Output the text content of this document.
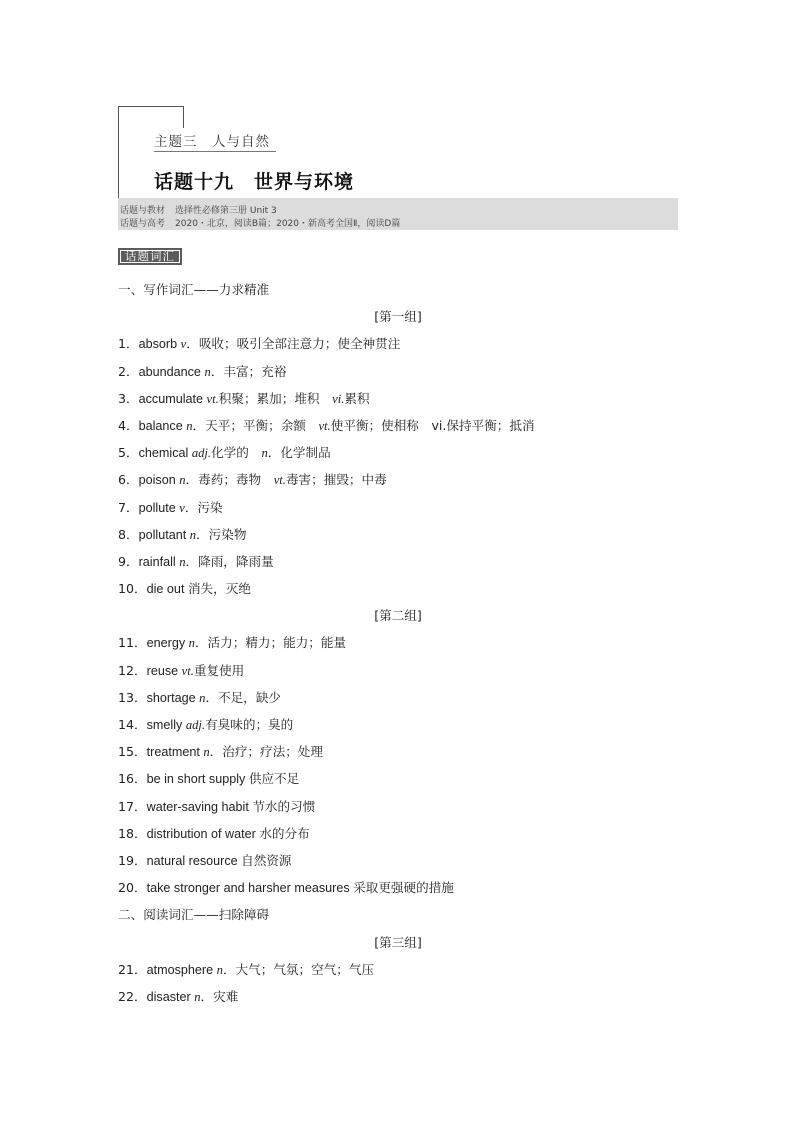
主题三　人与自然
话题十九　世界与环境
话题与教材 选择性必修第三册 Unit 3
话题与高考 2020・北京，阅读B篇；2020・新高考全国Ⅱ，阅读D篇
话题词汇
一、写作词汇——力求精准
[第一组]
1．absorb v．吸收；吸引全部注意力；使全神贯注
2．abundance n．丰富；充裕
3．accumulate vt.积聚；累加；堆积　vi.累积
4．balance n．天平；平衡；余额　vt.使平衡；使相称　vi.保持平衡；抵消
5．chemical adj.化学的　n．化学制品
6．poison n．毒药；毒物　vt.毒害；摧毁；中毒
7．pollute v．污染
8．pollutant n．污染物
9．rainfall n．降雨，降雨量
10．die out 消失，灭绝
[第二组]
11．energy n．活力；精力；能力；能量
12．reuse vt.重复使用
13．shortage n．不足，缺少
14．smelly adj.有臭味的；臭的
15．treatment n．治疗；疗法；处理
16．be in short supply 供应不足
17．water-saving habit 节水的习惯
18．distribution of water 水的分布
19．natural resource 自然资源
20．take stronger and harsher measures 采取更强硬的措施
二、阅读词汇——扫除障碍
[第三组]
21．atmosphere n．大气；气氛；空气；气压
22．disaster n．灾难
